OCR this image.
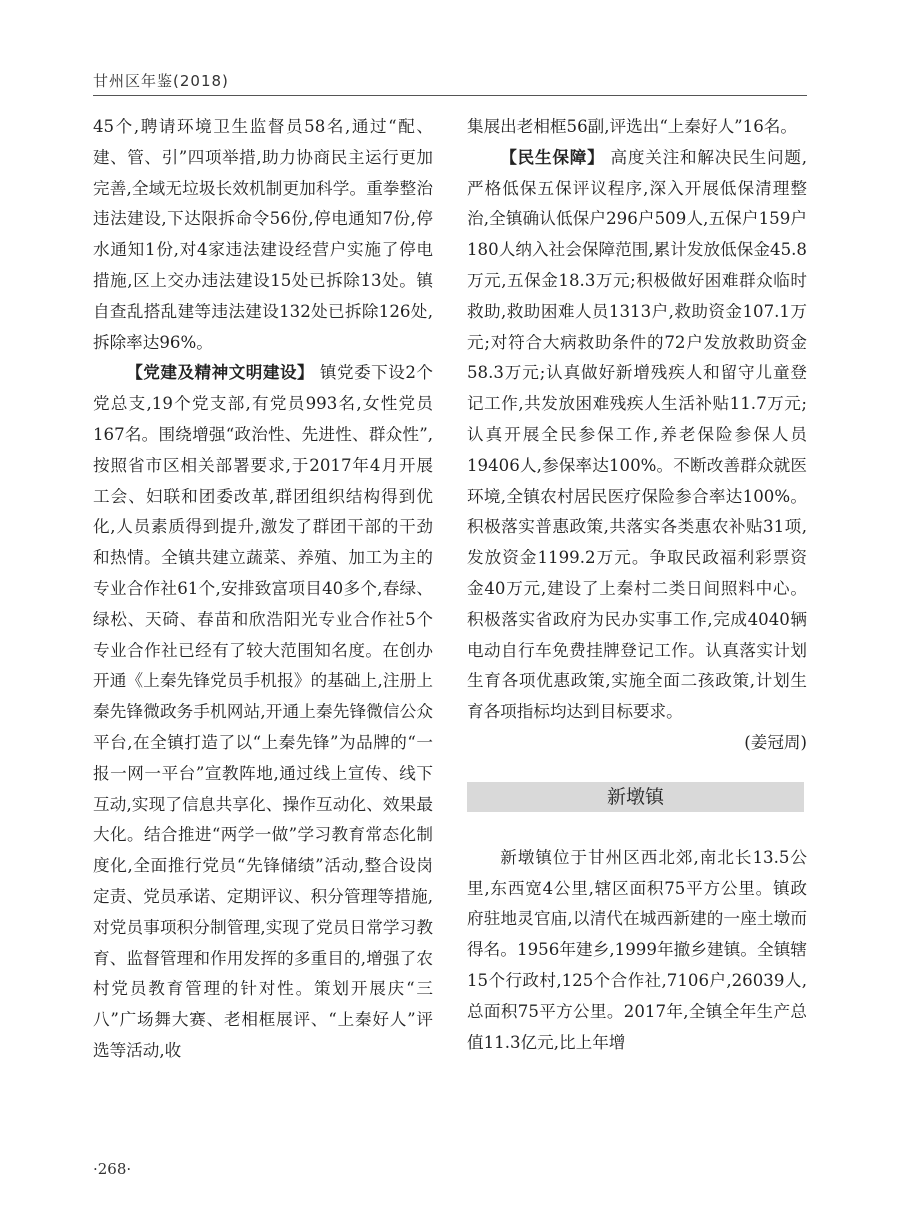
甘州区年鉴(2018)

45个,聘请环境卫生监督员58名,通过“配、建、管、引”四项举措,助力协商民主运行更加完善,全域无垃圾长效机制更加科学。重拳整治违法建设,下达限拆命令56份,停电通知7份,停水通知1份,对4家违法建设经营户实施了停电措施,区上交办违法建设15处已拆除13处。镇自查乱搭乱建等违法建设132处已拆除126处,拆除率达96%。

【党建及精神文明建设】 镇党委下设2个党总支,19个党支部,有党员993名,女性党员167名。围绕增强“政治性、先进性、群众性”,按照省市区相关部署要求,于2017年4月开展工会、妇联和团委改革,群团组织结构得到优化,人员素质得到提升,激发了群团干部的干劲和热情。全镇共建立蔬菜、养殖、加工为主的专业合作社61个,安排致富项目40多个,春绿、绿松、天碕、春苗和欣浩阳光专业合作社5个专业合作社已经有了较大范围知名度。在创办开通《上秦先锋党员手机报》的基础上,注册上秦先锋微政务手机网站,开通上秦先锋微信公众平台,在全镇打造了以“上秦先锋”为品牌的“一报一网一平台”宣教阵地,通过线上宣传、线下互动,实现了信息共享化、操作互动化、效果最大化。结合推进“两学一做”学习教育常态化制度化,全面推行党员“先锋储绩”活动,整合设岗定责、党员承诺、定期评议、积分管理等措施,对党员事项积分制管理,实现了党员日常学习教育、监督管理和作用发挥的多重目的,增强了农村党员教育管理的针对性。策划开展庆“三八”广场舞大赛、老相框展评、“上秦好人”评选等活动,收

集展出老相框56副,评选出“上秦好人”16名。

【民生保障】 高度关注和解决民生问题,严格低保五保评议程序,深入开展低保清理整治,全镇确认低保户296户509人,五保户159户180人纳入社会保障范围,累计发放低保金45.8万元,五保金18.3万元;积极做好困难群众临时救助,救助困难人员1313户,救助资金107.1万元;对符合大病救助条件的72户发放救助资金58.3万元;认真做好新增残疾人和留守儿童登记工作,共发放困难残疾人生活补贴11.7万元;认真开展全民参保工作,养老保险参保人员19406人,参保率达100%。不断改善群众就医环境,全镇农村居民医疗保险参合率达100%。积极落实普惠政策,共落实各类惠农补贴31项,发放资金1199.2万元。争取民政福利彩票资金40万元,建设了上秦村二类日间照料中心。积极落实省政府为民办实事工作,完成4040辆电动自行车免费挂牌登记工作。认真落实计划生育各项优惠政策,实施全面二孩政策,计划生育各项指标均达到目标要求。

(姜冠周)

新墩镇

新墩镇位于甘州区西北郊,南北长13.5公里,东西宽4公里,辖区面积75平方公里。镇政府驻地灵官庙,以清代在城西新建的一座土墩而得名。1956年建乡,1999年撤乡建镇。全镇辖15个行政村,125个合作社,7106户,26039人,总面积75平方公里。2017年,全镇全年生产总值11.3亿元,比上年增

·268·
